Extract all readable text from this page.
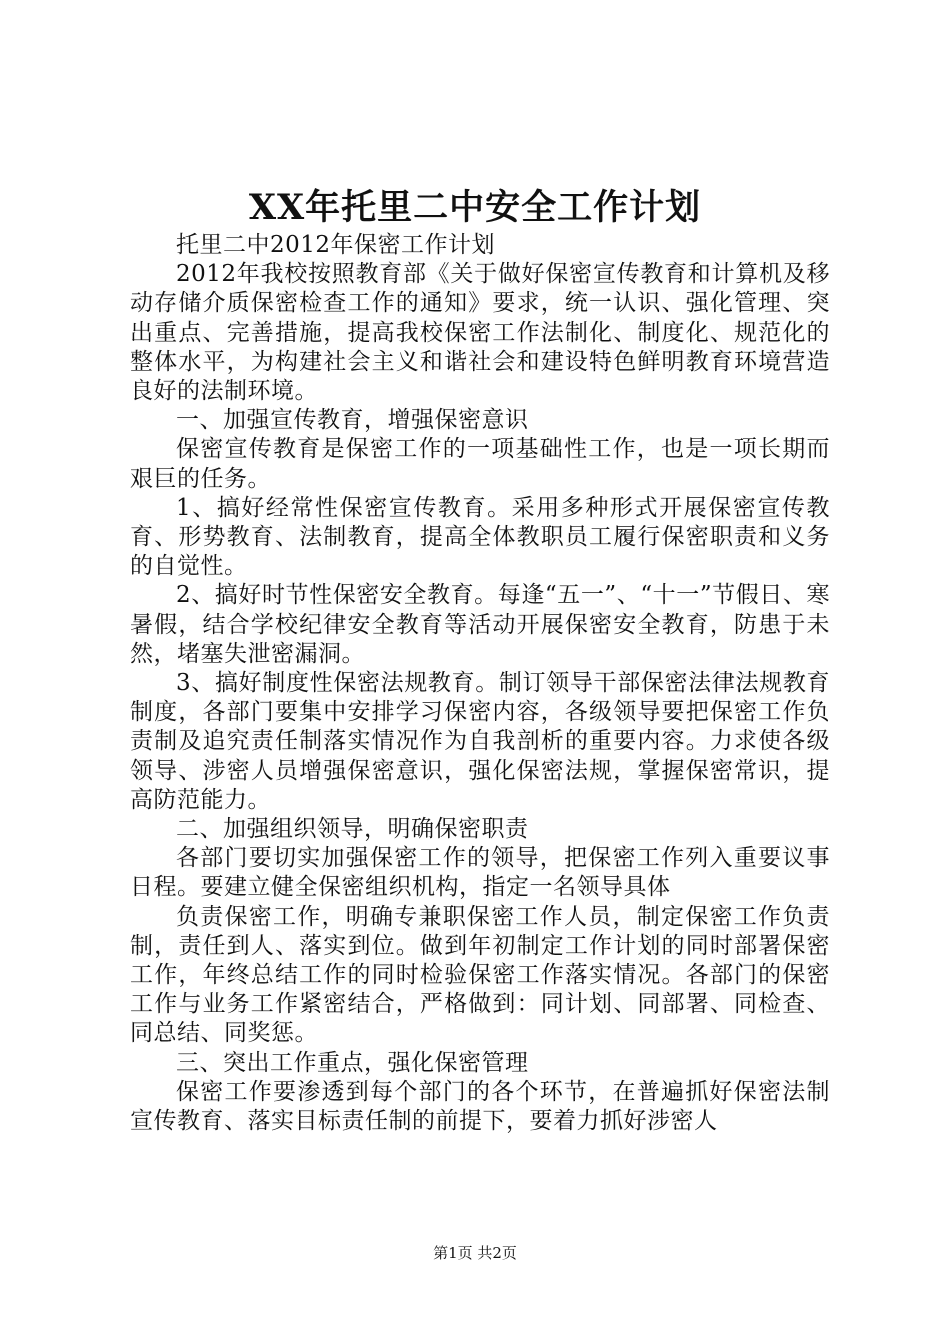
XX年托里二中安全工作计划

托里二中2012年保密工作计划

2012年我校按照教育部《关于做好保密宣传教育和计算机及移动存储介质保密检查工作的通知》要求，统一认识、强化管理、突出重点、完善措施，提高我校保密工作法制化、制度化、规范化的整体水平，为构建社会主义和谐社会和建设特色鲜明教育环境营造良好的法制环境。

一、加强宣传教育，增强保密意识

保密宣传教育是保密工作的一项基础性工作，也是一项长期而艰巨的任务。

1、搞好经常性保密宣传教育。采用多种形式开展保密宣传教育、形势教育、法制教育，提高全体教职员工履行保密职责和义务的自觉性。

2、搞好时节性保密安全教育。每逢“五一”、“十一”节假日、寒暑假，结合学校纪律安全教育等活动开展保密安全教育，防患于未然，堵塞失泄密漏洞。

3、搞好制度性保密法规教育。制订领导干部保密法律法规教育制度，各部门要集中安排学习保密内容，各级领导要把保密工作负责制及追究责任制落实情况作为自我剖析的重要内容。力求使各级领导、涉密人员增强保密意识，强化保密法规，掌握保密常识，提高防范能力。

二、加强组织领导，明确保密职责

各部门要切实加强保密工作的领导，把保密工作列入重要议事日程。要建立健全保密组织机构，指定一名领导具体

负责保密工作，明确专兼职保密工作人员，制定保密工作负责制，责任到人、落实到位。做到年初制定工作计划的同时部署保密工作，年终总结工作的同时检验保密工作落实情况。各部门的保密工作与业务工作紧密结合，严格做到：同计划、同部署、同检查、同总结、同奖惩。

三、突出工作重点，强化保密管理

保密工作要渗透到每个部门的各个环节，在普遍抓好保密法制宣传教育、落实目标责任制的前提下，要着力抓好涉密人

第1页 共2页
